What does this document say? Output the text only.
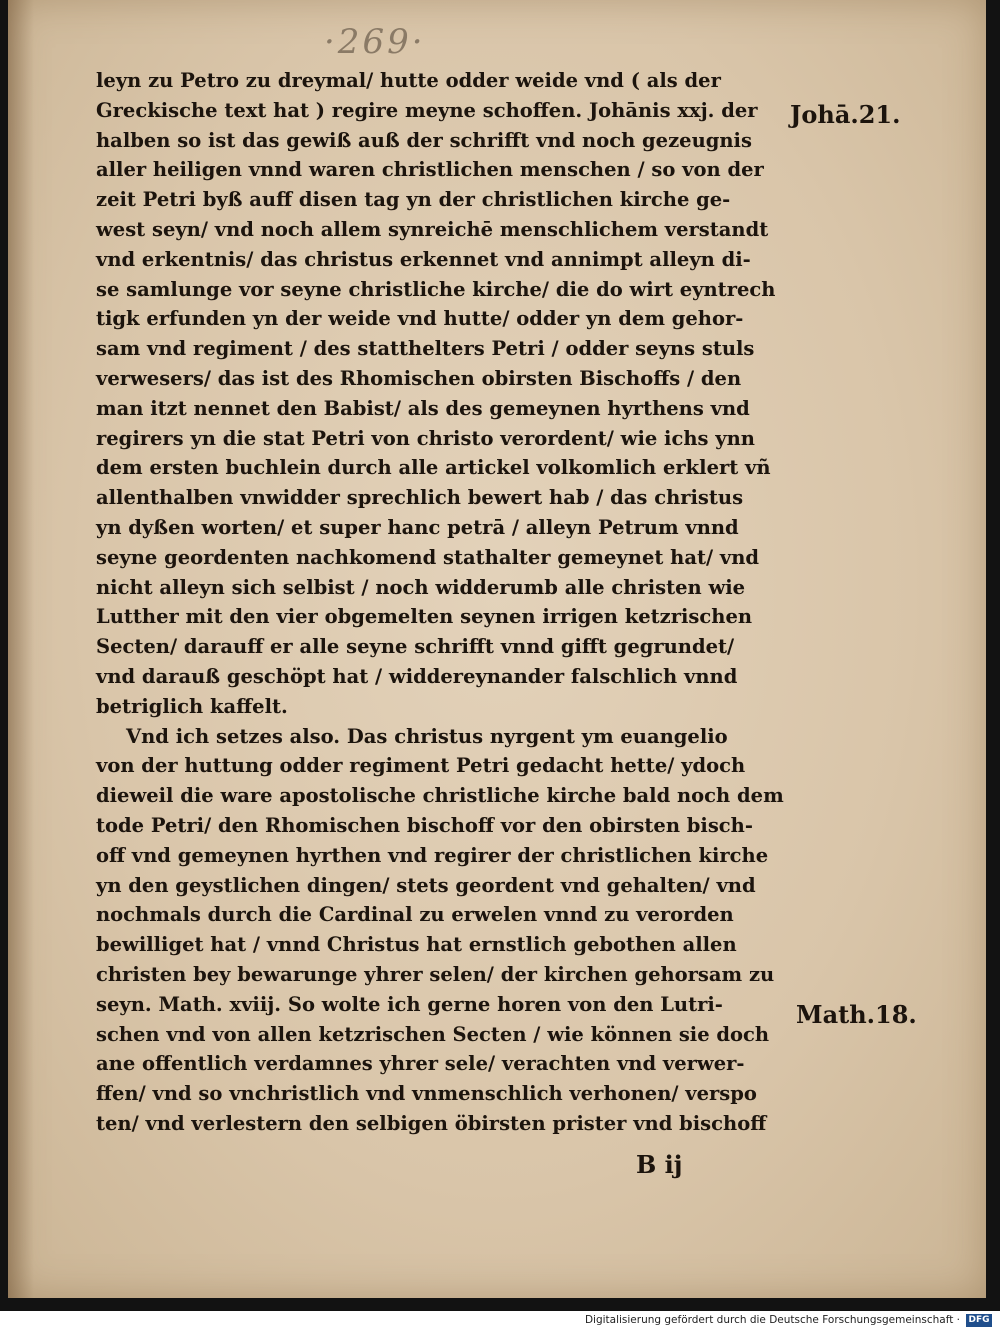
·269·
leyn zu Petro zu dreymal/ hutte odder weide vnd ( als der
Greckische text hat ) regire meyne schoffen. Johānis xxj. der
halben so ist das gewiß auß der schrifft vnd noch gezeugnis
aller heiligen vnnd waren christlichen menschen / so von der
zeit Petri byß auff disen tag yn der christlichen kirche ge-
west seyn/ vnd noch allem synreichē menschlichem verstandt
vnd erkentnis/ das christus erkennet vnd annimpt alleyn di-
se samlunge vor seyne christliche kirche/ die do wirt eyntrech
tigk erfunden yn der weide vnd hutte/ odder yn dem gehor-
sam vnd regiment / des statthelters Petri / odder seyns stuls
verwesers/ das ist des Rhomischen obirsten Bischoffs / den
man itzt nennet den Babist/ als des gemeynen hyrthens vnd
regirers yn die stat Petri von christo verordent/ wie ichs ynn
dem ersten buchlein durch alle artickel volkomlich erklert vñ
allenthalben vnwidder sprechlich bewert hab / das christus
yn dyßen worten/ et super hanc petrā / alleyn Petrum vnnd
seyne geordenten nachkomend stathalter gemeynet hat/ vnd
nicht alleyn sich selbist / noch widderumb alle christen wie
Lutther mit den vier obgemelten seynen irrigen ketzrischen
Secten/ darauff er alle seyne schrifft vnnd gifft gegrundet/
vnd darauß geschöpt hat / widdereynander falschlich vnnd
betriglich kaffelt.
Vnd ich setzes also. Das christus nyrgent ym euangelio
von der huttung odder regiment Petri gedacht hette/ ydoch
dieweil die ware apostolische christliche kirche bald noch dem
tode Petri/ den Rhomischen bischoff vor den obirsten bisch-
off vnd gemeynen hyrthen vnd regirer der christlichen kirche
yn den geystlichen dingen/ stets geordent vnd gehalten/ vnd
nochmals durch die Cardinal zu erwelen vnnd zu verorden
bewilliget hat / vnnd Christus hat ernstlich gebothen allen
christen bey bewarunge yhrer selen/ der kirchen gehorsam zu
seyn. Math. xviij. So wolte ich gerne horen von den Lutri-
schen vnd von allen ketzrischen Secten / wie können sie doch
ane offentlich verdamnes yhrer sele/ verachten vnd verwer-
ffen/ vnd so vnchristlich vnd vnmenschlich verhonen/ verspo
ten/ vnd verlestern den selbigen öbirsten prister vnd bischoff
Johā.21.
Math.18.
B ij
Digitalisierung gefördert durch die Deutsche Forschungsgemeinschaft · DFG
